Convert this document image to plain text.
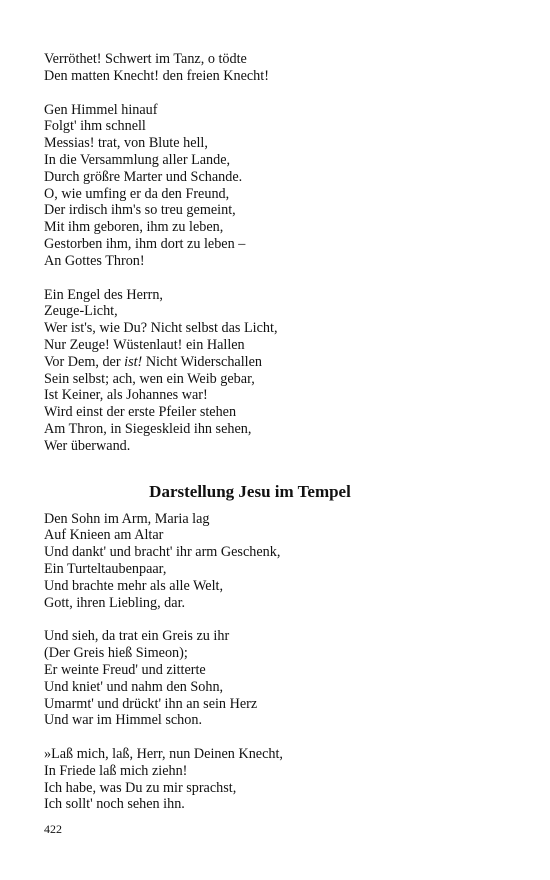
Verröthet! Schwert im Tanz, o tödte
Den matten Knecht! den freien Knecht!
Gen Himmel hinauf
Folgt' ihm schnell
Messias! trat, von Blute hell,
In die Versammlung aller Lande,
Durch größre Marter und Schande.
O, wie umfing er da den Freund,
Der irdisch ihm's so treu gemeint,
Mit ihm geboren, ihm zu leben,
Gestorben ihm, ihm dort zu leben –
An Gottes Thron!
Ein Engel des Herrn,
Zeuge-Licht,
Wer ist's, wie Du? Nicht selbst das Licht,
Nur Zeuge! Wüstenlaut! ein Hallen
Vor Dem, der ist! Nicht Widerschallen
Sein selbst; ach, wen ein Weib gebar,
Ist Keiner, als Johannes war!
Wird einst der erste Pfeiler stehen
Am Thron, in Siegeskleid ihn sehen,
Wer überwand.
Darstellung Jesu im Tempel
Den Sohn im Arm, Maria lag
Auf Knieen am Altar
Und dankt' und bracht' ihr arm Geschenk,
Ein Turteltaubenpaar,
Und brachte mehr als alle Welt,
Gott, ihren Liebling, dar.
Und sieh, da trat ein Greis zu ihr
(Der Greis hieß Simeon);
Er weinte Freud' und zitterte
Und kniet' und nahm den Sohn,
Umarmt' und drückt' ihn an sein Herz
Und war im Himmel schon.
»Laß mich, laß, Herr, nun Deinen Knecht,
In Friede laß mich ziehn!
Ich habe, was Du zu mir sprachst,
Ich sollt' noch sehen ihn.
422
